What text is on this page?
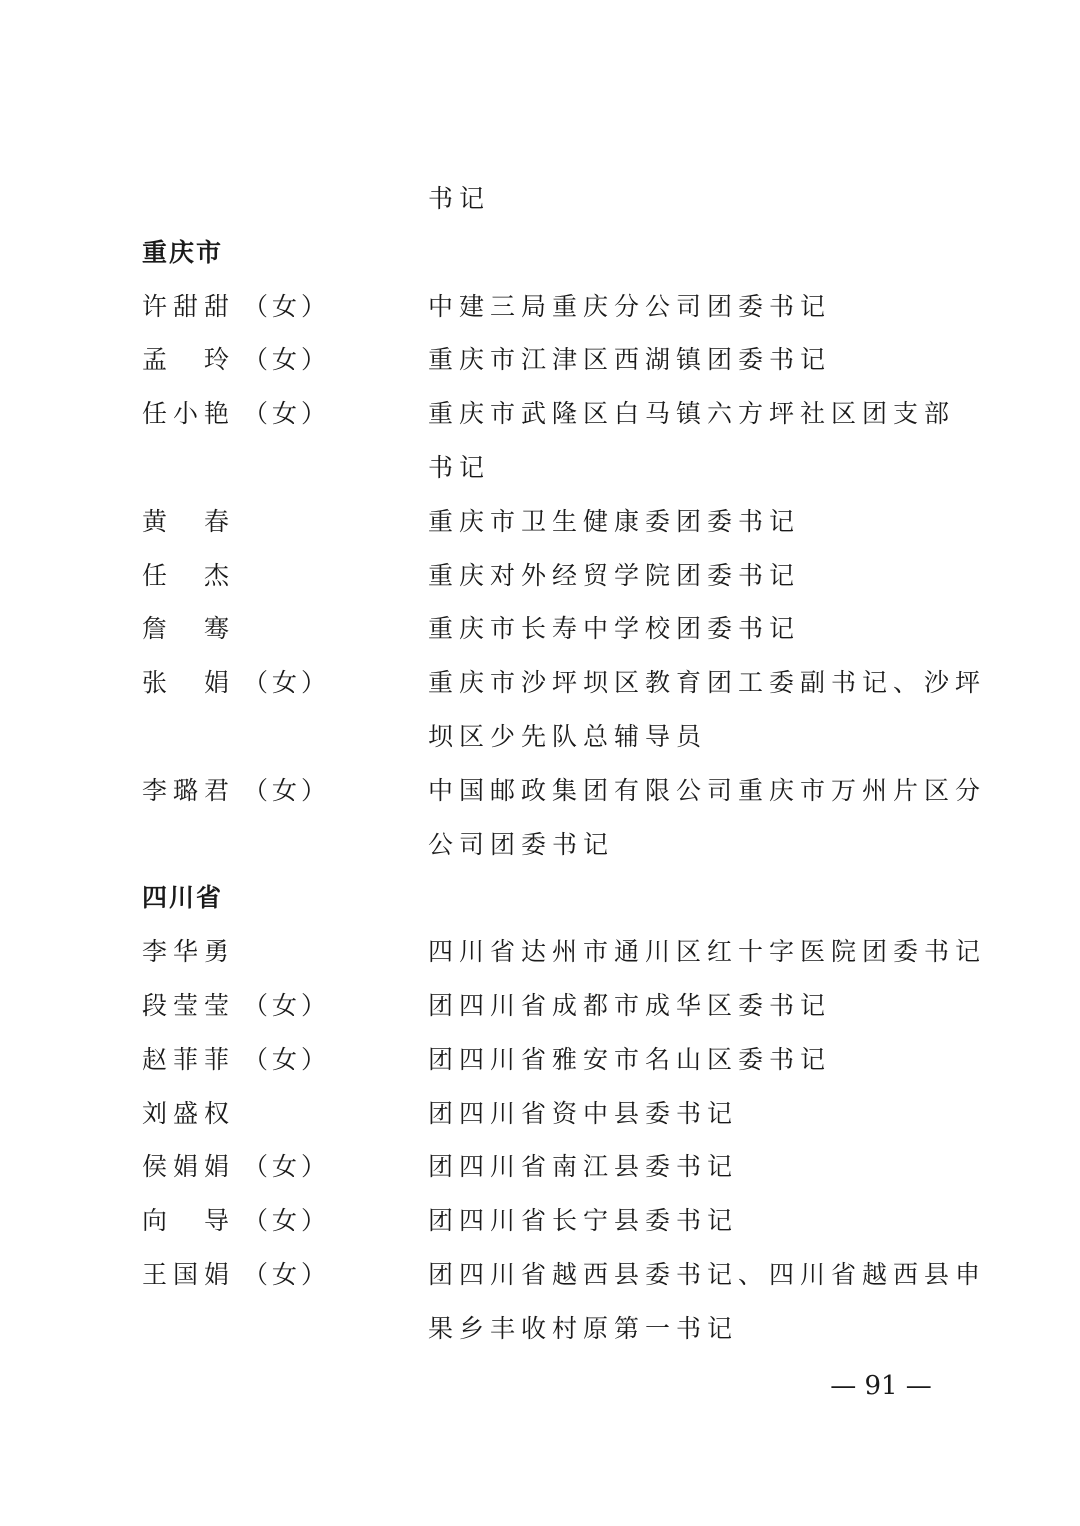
书记
重庆市
许甜甜 （女）	中建三局重庆分公司团委书记
孟　玲 （女）	重庆市江津区西湖镇团委书记
任小艳 （女）	重庆市武隆区白马镇六方坪社区团支部
书记
黄　春	重庆市卫生健康委团委书记
任　杰	重庆对外经贸学院团委书记
詹　骞	重庆市长寿中学校团委书记
张　娟 （女）	重庆市沙坪坝区教育团工委副书记、沙坪
坝区少先队总辅导员
李璐君 （女）	中国邮政集团有限公司重庆市万州片区分
公司团委书记
四川省
李华勇	四川省达州市通川区红十字医院团委书记
段莹莹 （女）	团四川省成都市成华区委书记
赵菲菲 （女）	团四川省雅安市名山区委书记
刘盛权	团四川省资中县委书记
侯娟娟 （女）	团四川省南江县委书记
向　导 （女）	团四川省长宁县委书记
王国娟 （女）	团四川省越西县委书记、四川省越西县申
果乡丰收村原第一书记
— 91 —
